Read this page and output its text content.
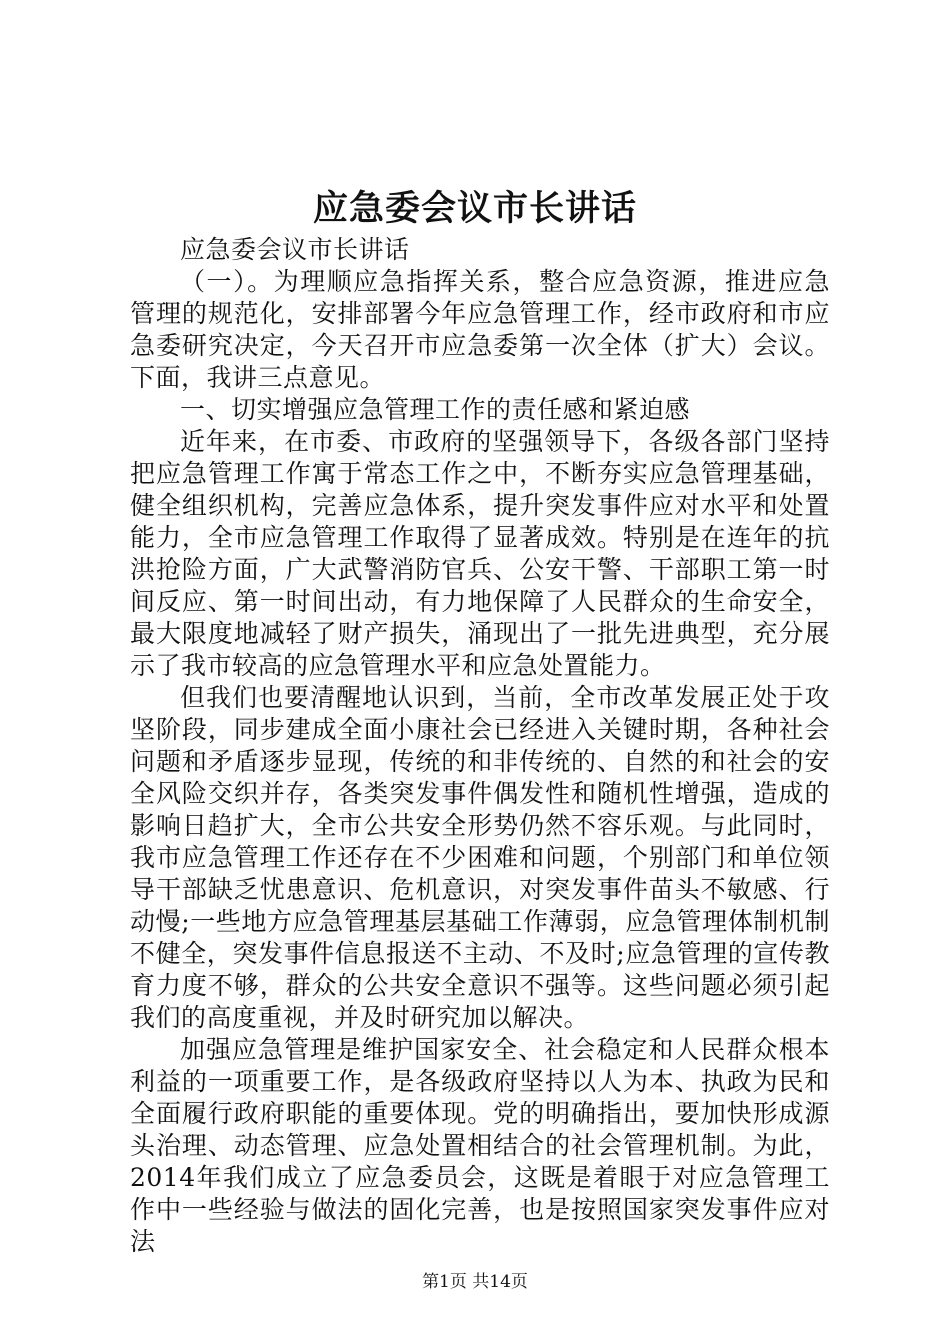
应急委会议市长讲话

应急委会议市长讲话

（一）。为理顺应急指挥关系，整合应急资源，推进应急管理的规范化，安排部署今年应急管理工作，经市政府和市应急委研究决定，今天召开市应急委第一次全体（扩大）会议。下面，我讲三点意见。

一、切实增强应急管理工作的责任感和紧迫感

近年来，在市委、市政府的坚强领导下，各级各部门坚持把应急管理工作寓于常态工作之中，不断夯实应急管理基础，健全组织机构，完善应急体系，提升突发事件应对水平和处置能力，全市应急管理工作取得了显著成效。特别是在连年的抗洪抢险方面，广大武警消防官兵、公安干警、干部职工第一时间反应、第一时间出动，有力地保障了人民群众的生命安全，最大限度地减轻了财产损失，涌现出了一批先进典型，充分展示了我市较高的应急管理水平和应急处置能力。

但我们也要清醒地认识到，当前，全市改革发展正处于攻坚阶段，同步建成全面小康社会已经进入关键时期，各种社会问题和矛盾逐步显现，传统的和非传统的、自然的和社会的安全风险交织并存，各类突发事件偶发性和随机性增强，造成的影响日趋扩大，全市公共安全形势仍然不容乐观。与此同时，我市应急管理工作还存在不少困难和问题，个别部门和单位领导干部缺乏忧患意识、危机意识，对突发事件苗头不敏感、行动慢;一些地方应急管理基层基础工作薄弱，应急管理体制机制不健全，突发事件信息报送不主动、不及时;应急管理的宣传教育力度不够，群众的公共安全意识不强等。这些问题必须引起我们的高度重视，并及时研究加以解决。

加强应急管理是维护国家安全、社会稳定和人民群众根本利益的一项重要工作，是各级政府坚持以人为本、执政为民和全面履行政府职能的重要体现。党的明确指出，要加快形成源头治理、动态管理、应急处置相结合的社会管理机制。为此，2014年我们成立了应急委员会，这既是着眼于对应急管理工作中一些经验与做法的固化完善，也是按照国家突发事件应对法

第1页 共14页
